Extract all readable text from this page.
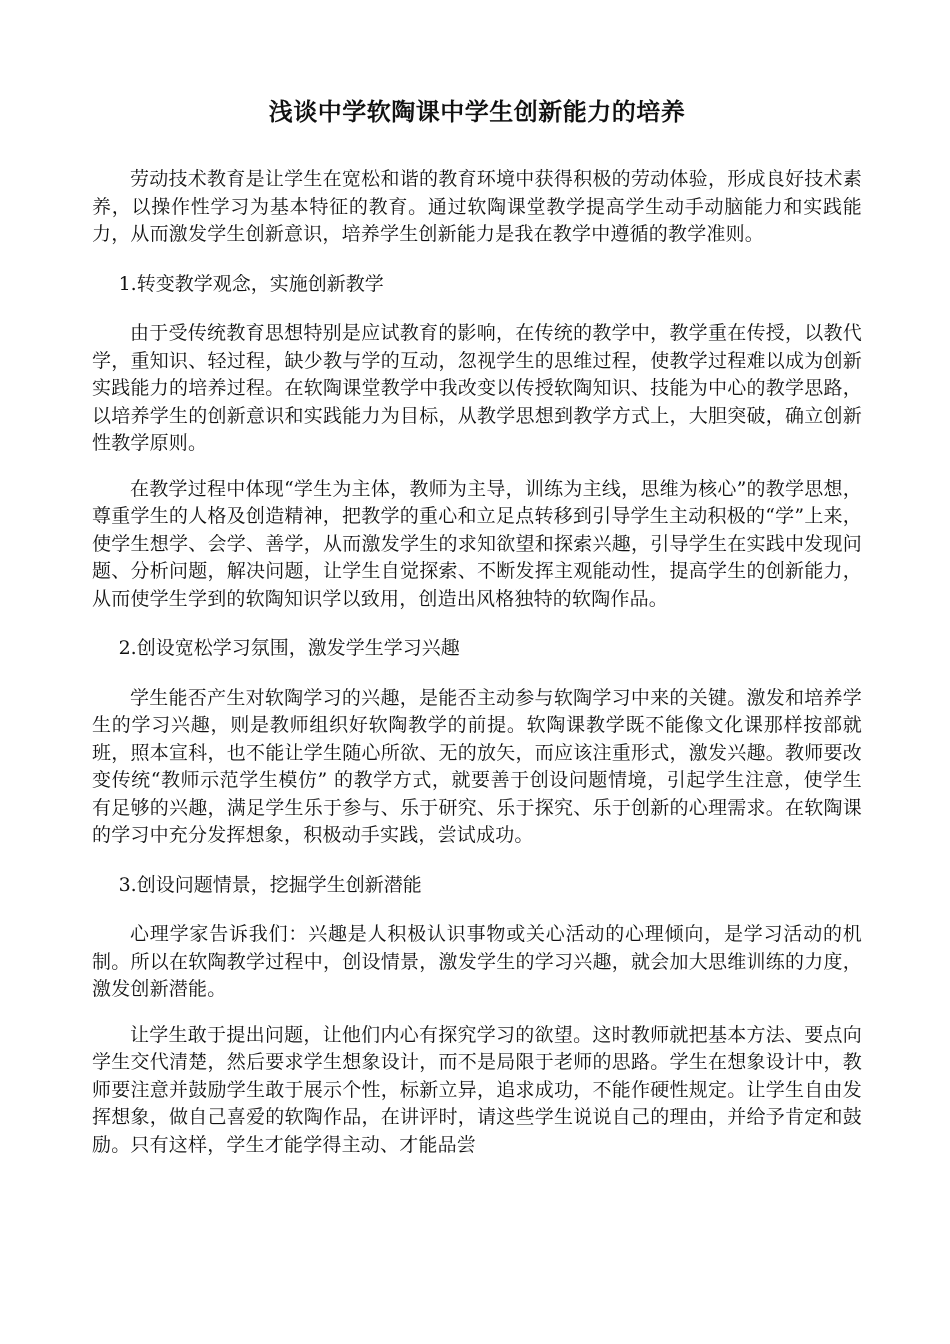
浅谈中学软陶课中学生创新能力的培养

劳动技术教育是让学生在宽松和谐的教育环境中获得积极的劳动体验，形成良好技术素养，以操作性学习为基本特征的教育。通过软陶课堂教学提高学生动手动脑能力和实践能力，从而激发学生创新意识，培养学生创新能力是我在教学中遵循的教学准则。

1.转变教学观念，实施创新教学

由于受传统教育思想特别是应试教育的影响，在传统的教学中，教学重在传授，以教代学，重知识、轻过程，缺少教与学的互动，忽视学生的思维过程，使教学过程难以成为创新实践能力的培养过程。在软陶课堂教学中我改变以传授软陶知识、技能为中心的教学思路，以培养学生的创新意识和实践能力为目标，从教学思想到教学方式上，大胆突破，确立创新性教学原则。

在教学过程中体现“学生为主体，教师为主导，训练为主线，思维为核心”的教学思想，尊重学生的人格及创造精神，把教学的重心和立足点转移到引导学生主动积极的“学”上来，使学生想学、会学、善学，从而激发学生的求知欲望和探索兴趣，引导学生在实践中发现问题、分析问题，解决问题，让学生自觉探索、不断发挥主观能动性，提高学生的创新能力，从而使学生学到的软陶知识学以致用，创造出风格独特的软陶作品。

2.创设宽松学习氛围，激发学生学习兴趣

学生能否产生对软陶学习的兴趣，是能否主动参与软陶学习中来的关键。激发和培养学生的学习兴趣，则是教师组织好软陶教学的前提。软陶课教学既不能像文化课那样按部就班，照本宣科，也不能让学生随心所欲、无的放矢，而应该注重形式，激发兴趣。教师要改变传统“教师示范学生模仿” 的教学方式，就要善于创设问题情境，引起学生注意，使学生有足够的兴趣，满足学生乐于参与、乐于研究、乐于探究、乐于创新的心理需求。在软陶课的学习中充分发挥想象，积极动手实践，尝试成功。

3.创设问题情景，挖掘学生创新潜能

心理学家告诉我们：兴趣是人积极认识事物或关心活动的心理倾向，是学习活动的机制。所以在软陶教学过程中，创设情景，激发学生的学习兴趣，就会加大思维训练的力度，激发创新潜能。

让学生敢于提出问题，让他们内心有探究学习的欲望。这时教师就把基本方法、要点向学生交代清楚，然后要求学生想象设计，而不是局限于老师的思路。学生在想象设计中，教师要注意并鼓励学生敢于展示个性，标新立异，追求成功，不能作硬性规定。让学生自由发挥想象，做自己喜爱的软陶作品，在讲评时，请这些学生说说自己的理由，并给予肯定和鼓励。只有这样，学生才能学得主动、才能品尝
